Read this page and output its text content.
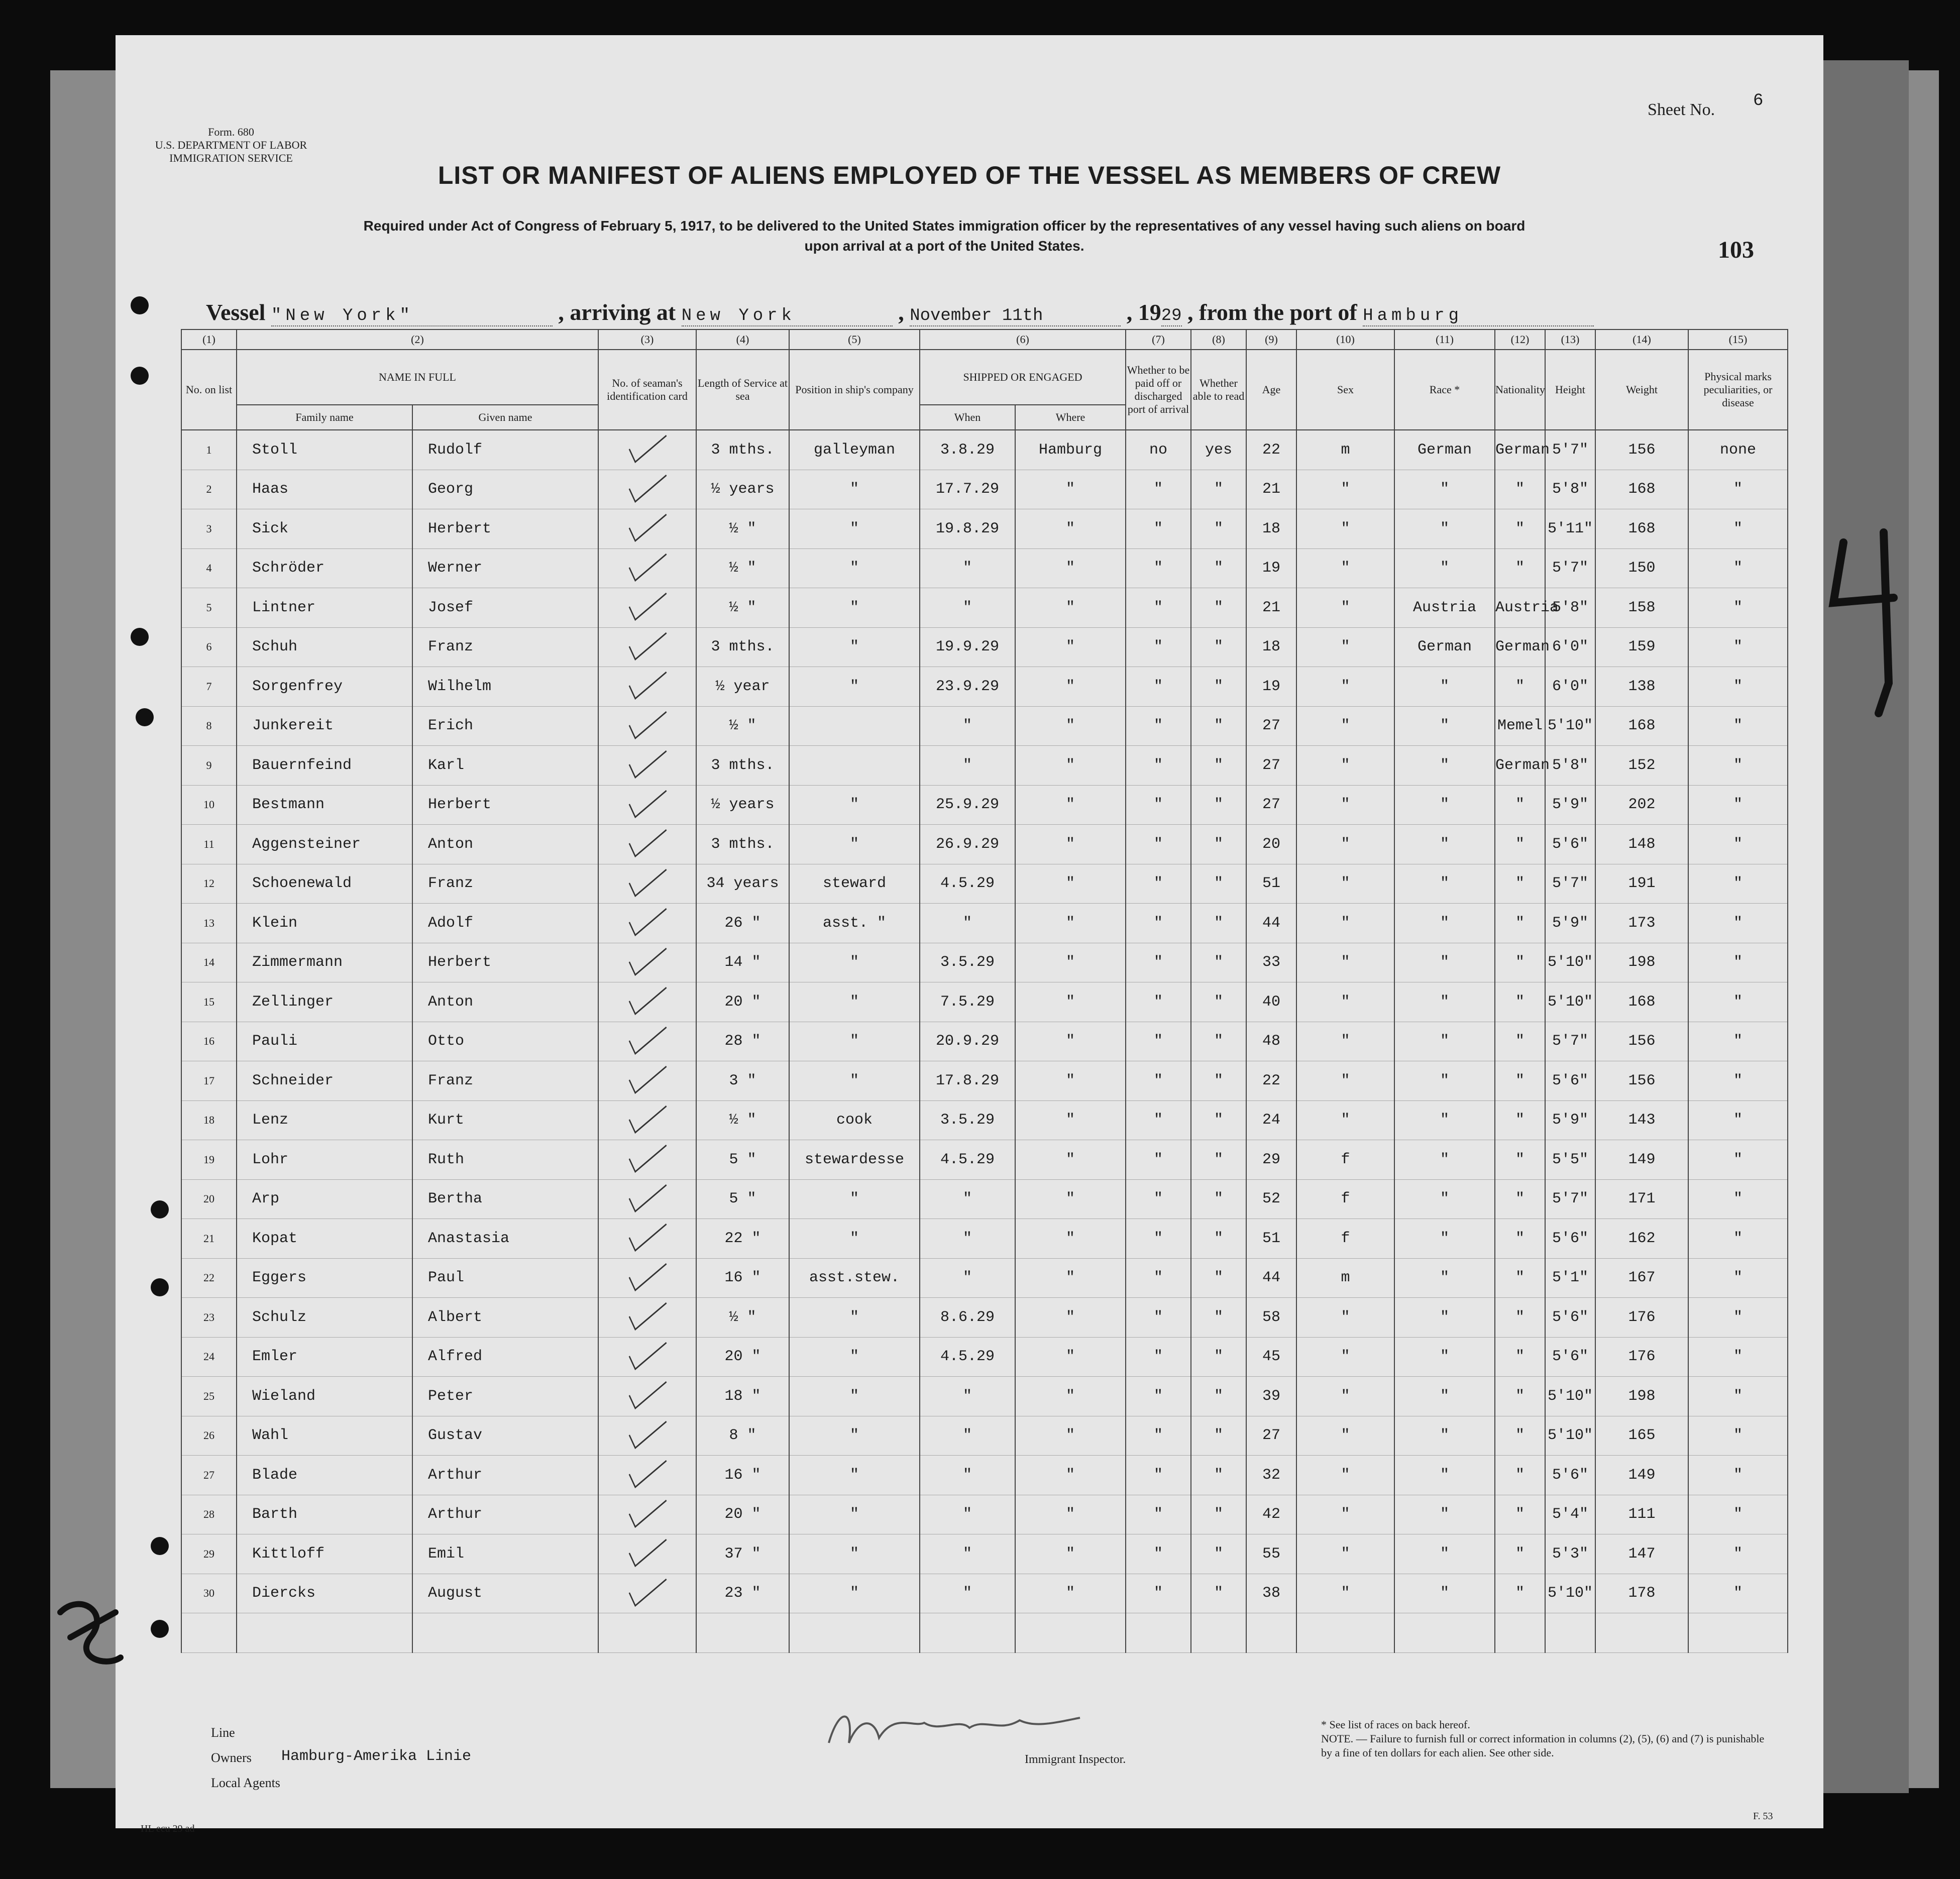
Form. 680
U.S. DEPARTMENT OF LABOR
IMMIGRATION SERVICE
Sheet No. 6
LIST OR MANIFEST OF ALIENS EMPLOYED OF THE VESSEL AS MEMBERS OF CREW
Required under Act of Congress of February 5, 1917, to be delivered to the United States immigration officer by the representatives of any vessel having such aliens on board
upon arrival at a port of the United States.	103
Vessel "New York"	, arriving at New York	, November 11th	, 1929 , from the port of Hamburg
(1)	(2)		(3)	(4)	(5)	(6)		(7)	(8)	(9)	(10)	(11)	(12)	(13)	(14)	(15)
No. on list	NAME IN FULL		No. of seaman's identification card	Length of Service at sea	Position in ship's company	SHIPPED OR ENGAGED		Whether to be paid off or discharged port of arrival	Whether able to read	Age	Sex	Race *	Nationality	Height	Weight	Physical marks peculiarities, or disease
	Family name	Given name				When	Where									
1	Stoll	Rudolf		3 mths.	galleyman	3.8.29	Hamburg	no	yes	22	m	German	German	5'7"	156	none
2	Haas	Georg		½ years	"	17.7.29	"	"	"	21	"	"	"	5'8"	168	"
3	Sick	Herbert		½ "	"	19.8.29	"	"	"	18	"	"	"	5'11"	168	"
4	Schröder	Werner		½ "	"	"	"	"	"	19	"	"	"	5'7"	150	"
5	Lintner	Josef		½ "	"	"	"	"	"	21	"	Austria	Austria	5'8"	158	"
6	Schuh	Franz		3 mths.	"	19.9.29	"	"	"	18	"	German	German	6'0"	159	"
7	Sorgenfrey	Wilhelm		½ year	"	23.9.29	"	"	"	19	"	"	"	6'0"	138	"
8	Junkereit	Erich		½ "		"	"	"	"	27	"	"	Memel	5'10"	168	"
9	Bauernfeind	Karl		3 mths.		"	"	"	"	27	"	"	German	5'8"	152	"
10	Bestmann	Herbert		½ years	"	25.9.29	"	"	"	27	"	"	"	5'9"	202	"
11	Aggensteiner	Anton		3 mths.	"	26.9.29	"	"	"	20	"	"	"	5'6"	148	"
12	Schoenewald	Franz		34 years	steward	4.5.29	"	"	"	51	"	"	"	5'7"	191	"
13	Klein	Adolf		26 "	asst. "	"	"	"	"	44	"	"	"	5'9"	173	"
14	Zimmermann	Herbert		14 "	"	3.5.29	"	"	"	33	"	"	"	5'10"	198	"
15	Zellinger	Anton		20 "	"	7.5.29	"	"	"	40	"	"	"	5'10"	168	"
16	Pauli	Otto		28 "	"	20.9.29	"	"	"	48	"	"	"	5'7"	156	"
17	Schneider	Franz		3 "	"	17.8.29	"	"	"	22	"	"	"	5'6"	156	"
18	Lenz	Kurt		½ "	cook	3.5.29	"	"	"	24	"	"	"	5'9"	143	"
19	Lohr	Ruth		5 "	stewardesse	4.5.29	"	"	"	29	f	"	"	5'5"	149	"
20	Arp	Bertha		5 "	"	"	"	"	"	52	f	"	"	5'7"	171	"
21	Kopat	Anastasia		22 "	"	"	"	"	"	51	f	"	"	5'6"	162	"
22	Eggers	Paul		16 "	asst.stew.	"	"	"	"	44	m	"	"	5'1"	167	"
23	Schulz	Albert		½ "	"	8.6.29	"	"	"	58	"	"	"	5'6"	176	"
24	Emler	Alfred		20 "	"	4.5.29	"	"	"	45	"	"	"	5'6"	176	"
25	Wieland	Peter		18 "	"	"	"	"	"	39	"	"	"	5'10"	198	"
26	Wahl	Gustav		8 "	"	"	"	"	"	27	"	"	"	5'10"	165	"
27	Blade	Arthur		16 "	"	"	"	"	"	32	"	"	"	5'6"	149	"
28	Barth	Arthur		20 "	"	"	"	"	"	42	"	"	"	5'4"	111	"
29	Kittloff	Emil		37 "	"	"	"	"	"	55	"	"	"	5'3"	147	"
30	Diercks	August		23 "	"	"	"	"	"	38	"	"	"	5'10"	178	"

Line
Owners Hamburg-Amerika Linie
Local Agents
Immigrant Inspector.
* See list of races on back hereof.
NOTE. — Failure to furnish full or correct information in columns (2), (5), (6) and (7) is punishable by a fine of ten dollars for each alien. See other side.
HL ecu 29 ad
F. 53
